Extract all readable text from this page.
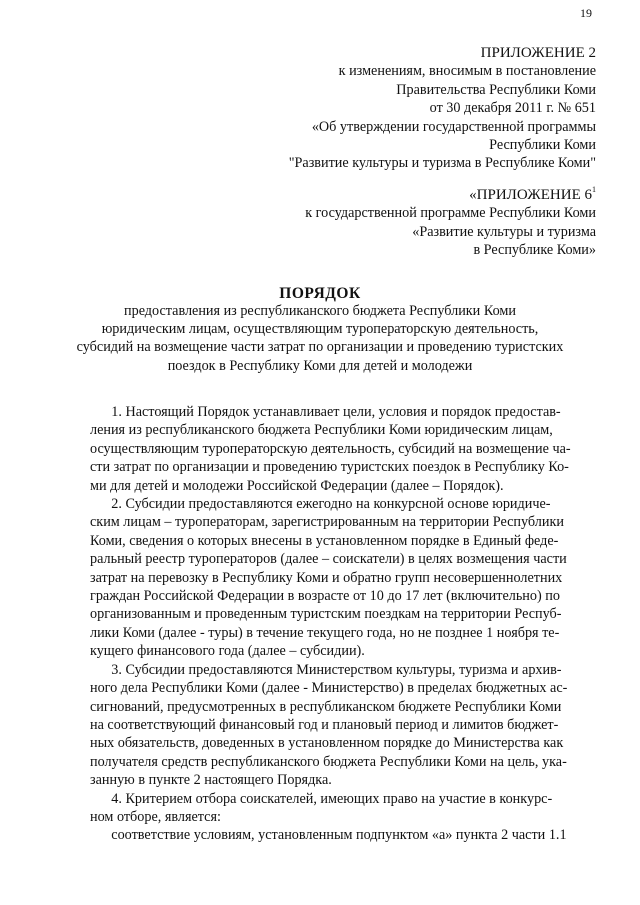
19
ПРИЛОЖЕНИЕ 2
к изменениям, вносимым в постановление
Правительства Республики Коми
от 30 декабря 2011 г. № 651
«Об утверждении государственной программы
Республики Коми
"Развитие культуры и туризма в Республике Коми"
«ПРИЛОЖЕНИЕ $6^1$
к государственной программе Республики Коми
«Развитие культуры и туризма
в Республике Коми»
ПОРЯДОК
предоставления из республиканского бюджета Республики Коми
юридическим лицам, осуществляющим туроператорскую деятельность,
субсидий на возмещение части затрат по организации и проведению туристских
поездок в Республику Коми для детей и молодежи
1. Настоящий Порядок устанавливает цели, условия и порядок предостав-
ления из республиканского бюджета Республики Коми юридическим лицам,
осуществляющим туроператорскую деятельность, субсидий на возмещение ча-
сти затрат по организации и проведению туристских поездок в Республику Ко-
ми для детей и молодежи Российской Федерации (далее – Порядок).
2. Субсидии предоставляются ежегодно на конкурсной основе юридиче-
ским лицам – туроператорам, зарегистрированным на территории Республики
Коми, сведения о которых внесены в установленном порядке в Единый феде-
ральный реестр туроператоров (далее – соискатели) в целях возмещения части
затрат на перевозку в Республику Коми и обратно групп несовершеннолетних
граждан Российской Федерации в возрасте от 10 до 17 лет (включительно) по
организованным и проведенным туристским поездкам на территории Респуб-
лики Коми (далее - туры) в течение текущего года, но не позднее 1 ноября те-
кущего финансового года (далее – субсидии).
3. Субсидии предоставляются Министерством культуры, туризма и архив-
ного дела Республики Коми (далее - Министерство) в пределах бюджетных ас-
сигнований, предусмотренных в республиканском бюджете Республики Коми
на соответствующий финансовый год и плановый период и лимитов бюджет-
ных обязательств, доведенных в установленном порядке до Министерства как
получателя средств республиканского бюджета Республики Коми на цель, ука-
занную в пункте 2 настоящего Порядка.
4. Критерием отбора соискателей, имеющих право на участие в конкурс-
ном отборе, является:
соответствие условиям, установленным подпунктом «а» пункта 2 части 1.1
